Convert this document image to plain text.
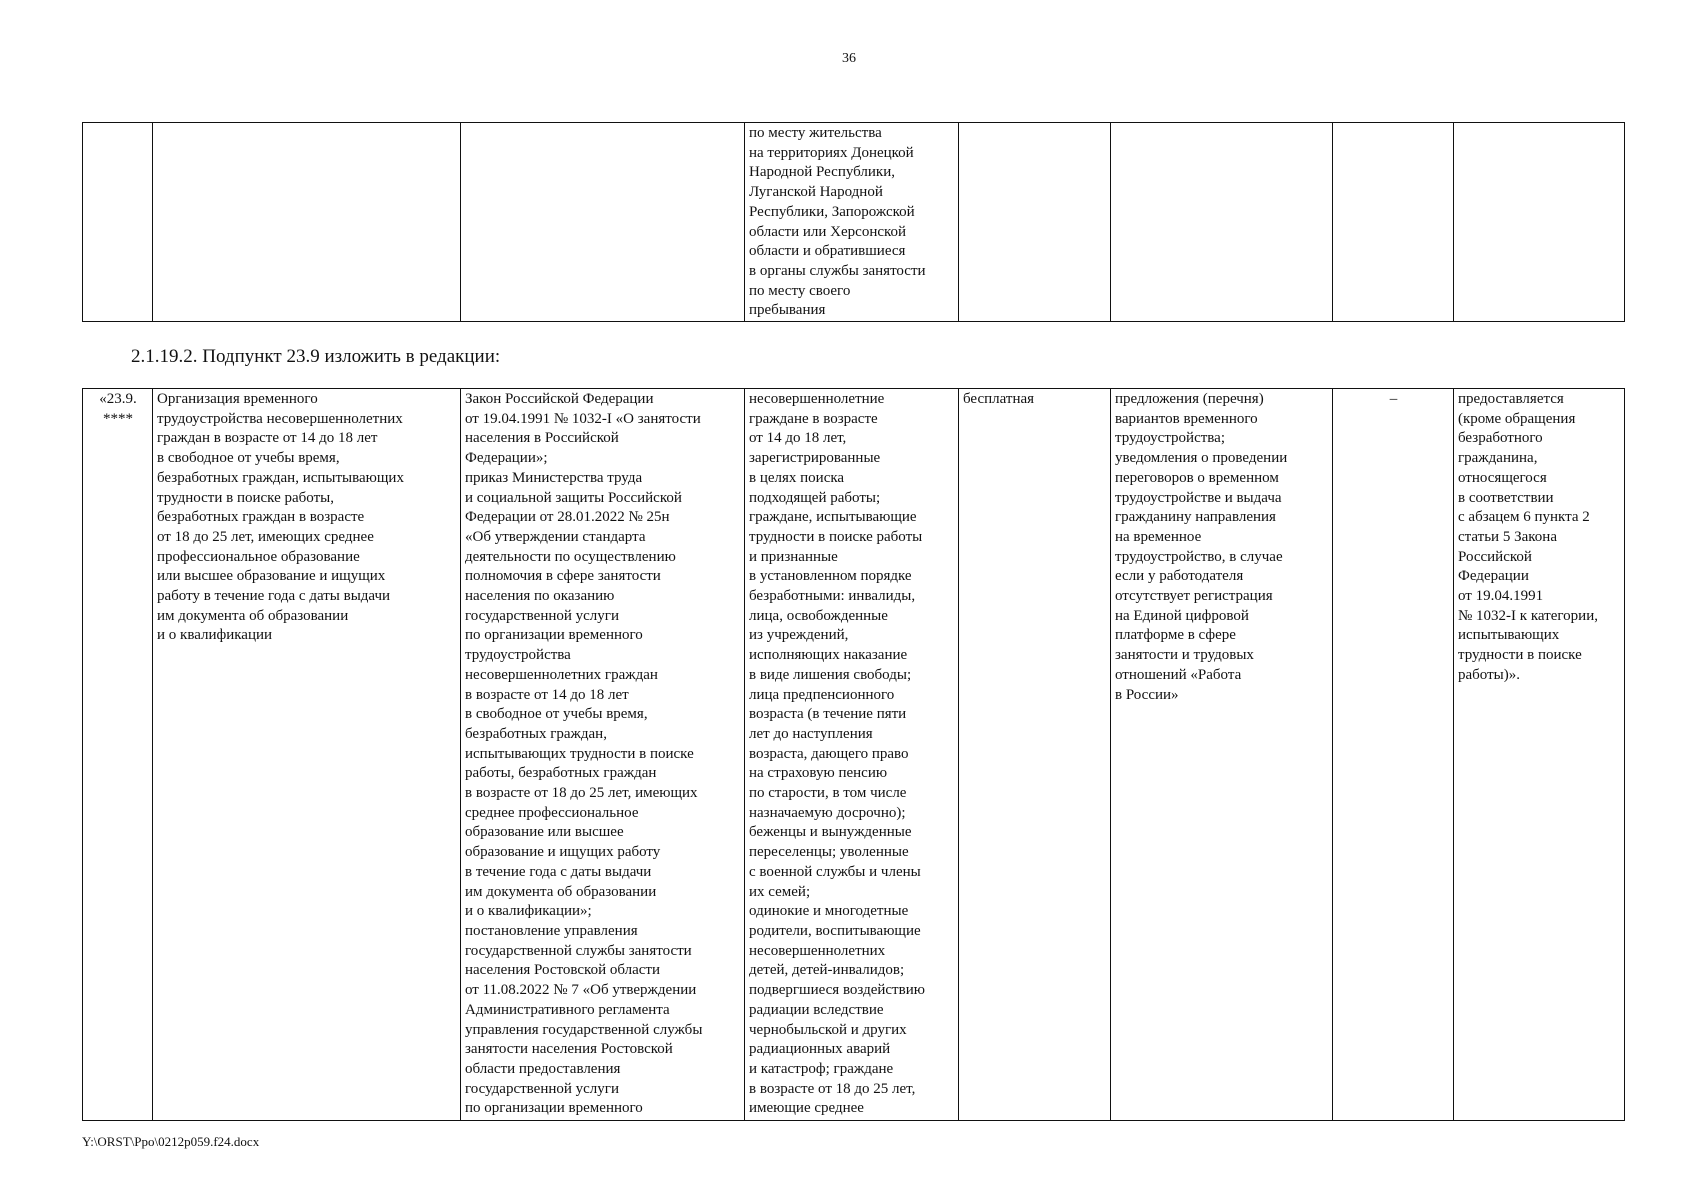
36
			по месту жительства
на территориях Донецкой
Народной Республики,
Луганской Народной
Республики, Запорожской
области или Херсонской
области и обратившиеся
в органы службы занятости
по месту своего
пребывания				
2.1.19.2. Подпункт 23.9 изложить в редакции:
«23.9.
****	Организация временного
трудоустройства несовершеннолетних
граждан в возрасте от 14 до 18 лет
в свободное от учебы время,
безработных граждан, испытывающих
трудности в поиске работы,
безработных граждан в возрасте
от 18 до 25 лет, имеющих среднее
профессиональное образование
или высшее образование и ищущих
работу в течение года с даты выдачи
им документа об образовании
и о квалификации	Закон Российской Федерации
от 19.04.1991 № 1032-I «О занятости
населения в Российской
Федерации»;
приказ Министерства труда
и социальной защиты Российской
Федерации от 28.01.2022 № 25н
«Об утверждении стандарта
деятельности по осуществлению
полномочия в сфере занятости
населения по оказанию
государственной услуги
по организации временного
трудоустройства
несовершеннолетних граждан
в возрасте от 14 до 18 лет
в свободное от учебы время,
безработных граждан,
испытывающих трудности в поиске
работы, безработных граждан
в возрасте от 18 до 25 лет, имеющих
среднее профессиональное
образование или высшее
образование и ищущих работу
в течение года с даты выдачи
им документа об образовании
и о квалификации»;
постановление управления
государственной службы занятости
населения Ростовской области
от 11.08.2022 № 7 «Об утверждении
Административного регламента
управления государственной службы
занятости населения Ростовской
области предоставления
государственной услуги
по организации временного	несовершеннолетние
граждане в возрасте
от 14 до 18 лет,
зарегистрированные
в целях поиска
подходящей работы;
граждане, испытывающие
трудности в поиске работы
и признанные
в установленном порядке
безработными: инвалиды,
лица, освобожденные
из учреждений,
исполняющих наказание
в виде лишения свободы;
лица предпенсионного
возраста (в течение пяти
лет до наступления
возраста, дающего право
на страховую пенсию
по старости, в том числе
назначаемую досрочно);
беженцы и вынужденные
переселенцы; уволенные
с военной службы и члены
их семей;
одинокие и многодетные
родители, воспитывающие
несовершеннолетних
детей, детей-инвалидов;
подвергшиеся воздействию
радиации вследствие
чернобыльской и других
радиационных аварий
и катастроф; граждане
в возрасте от 18 до 25 лет,
имеющие среднее	бесплатная	предложения (перечня)
вариантов временного
трудоустройства;
уведомления о проведении
переговоров о временном
трудоустройстве и выдача
гражданину направления
на временное
трудоустройство, в случае
если у работодателя
отсутствует регистрация
на Единой цифровой
платформе в сфере
занятости и трудовых
отношений «Работа
в России»	–	предоставляется
(кроме обращения
безработного
гражданина,
относящегося
в соответствии
с абзацем 6 пункта 2
статьи 5 Закона
Российской
Федерации
от 19.04.1991
№ 1032-I к категории,
испытывающих
трудности в поиске
работы)».
Y:\ORST\Ppo\0212p059.f24.docx
